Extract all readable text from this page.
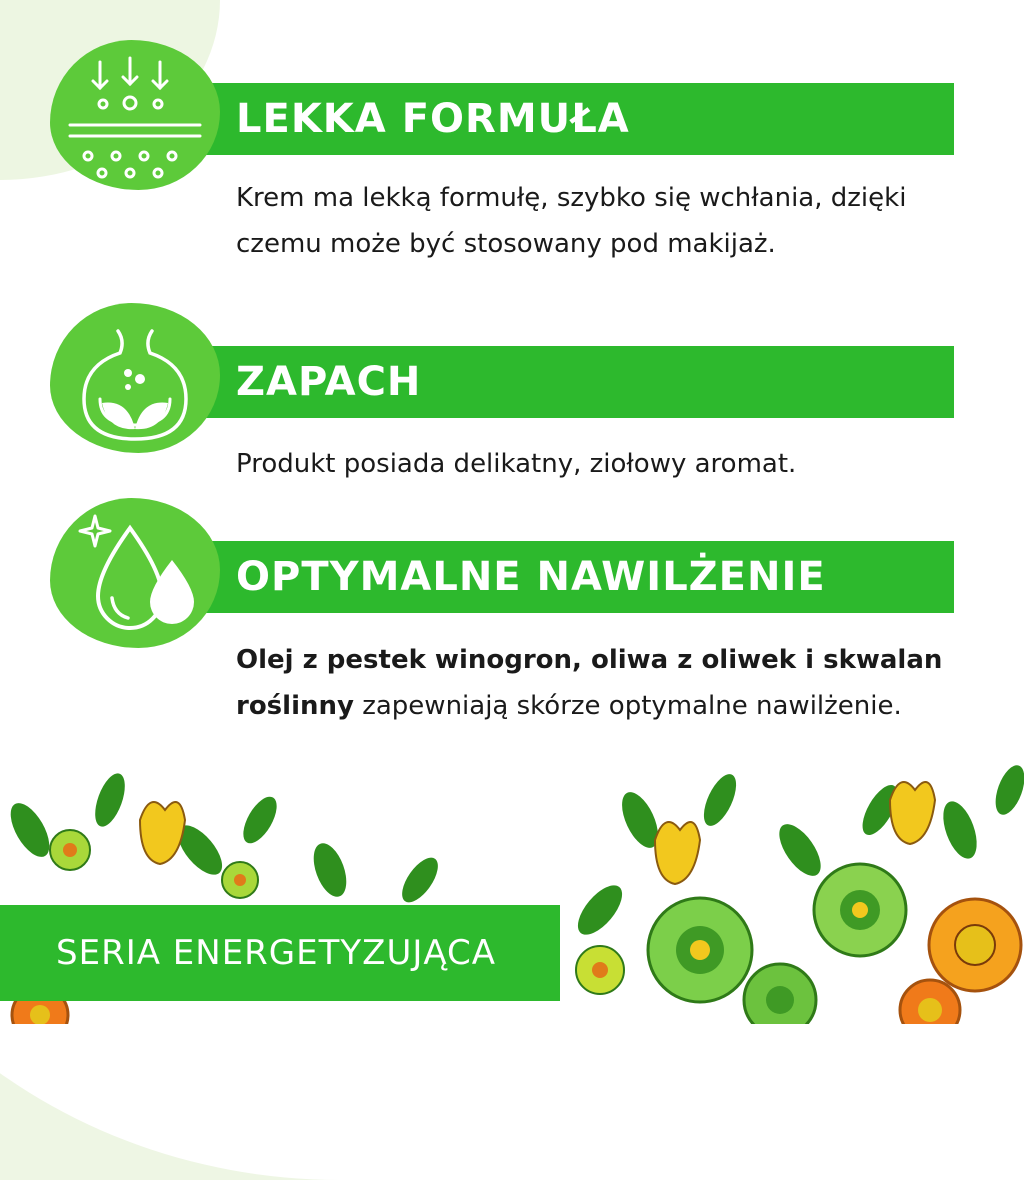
LEKKA FORMUŁA
Krem ma lekką formułę, szybko się wchłania, dzięki czemu może być stosowany pod makijaż.
ZAPACH
Produkt posiada delikatny, ziołowy aromat.
OPTYMALNE NAWILŻENIE
Olej z pestek winogron, oliwa z oliwek i skwalan roślinny zapewniają skórze optymalne nawilżenie.
SERIA ENERGETYZUJĄCA
